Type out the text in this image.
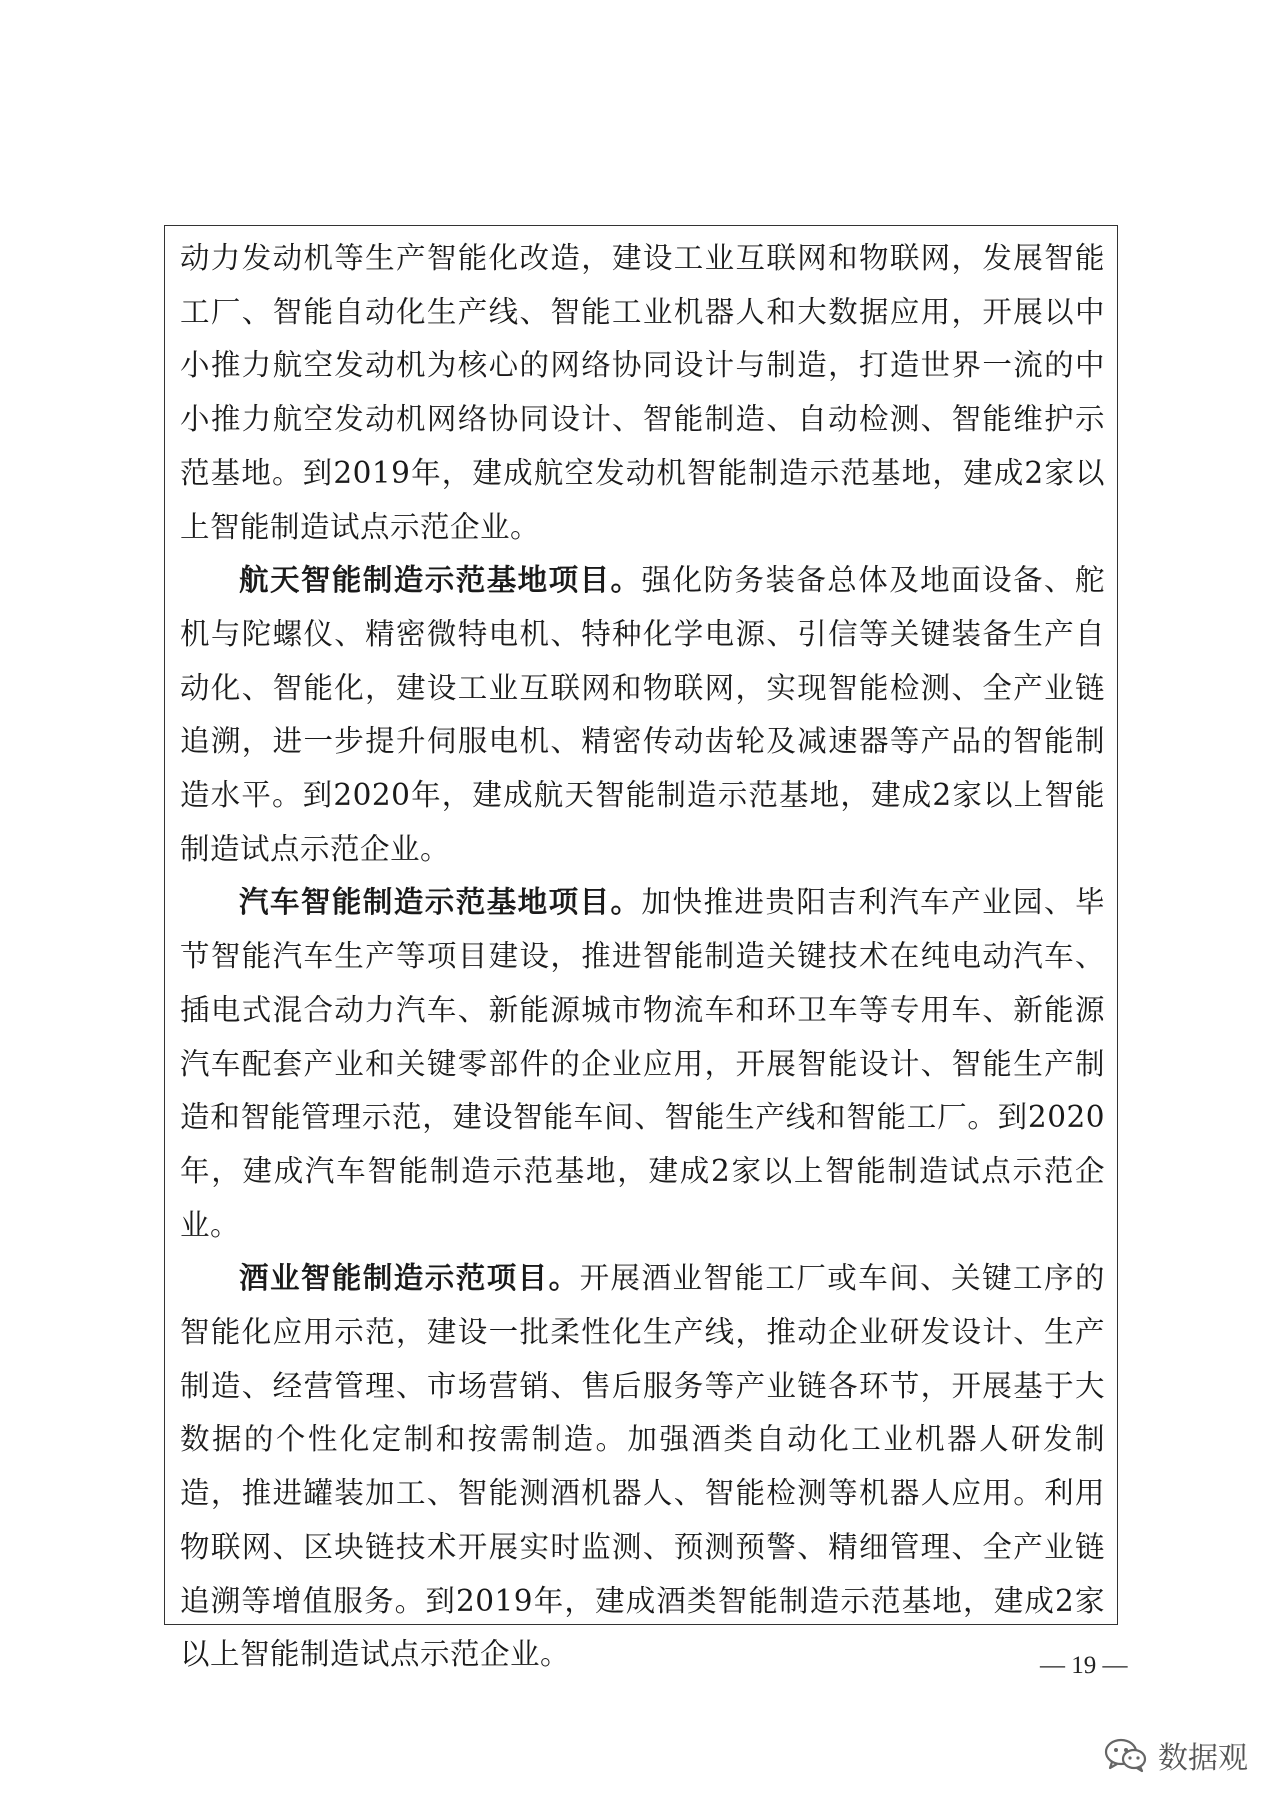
动力发动机等生产智能化改造，建设工业互联网和物联网，发展智能工厂、智能自动化生产线、智能工业机器人和大数据应用，开展以中小推力航空发动机为核心的网络协同设计与制造，打造世界一流的中小推力航空发动机网络协同设计、智能制造、自动检测、智能维护示范基地。到2019年，建成航空发动机智能制造示范基地，建成2家以上智能制造试点示范企业。

航天智能制造示范基地项目。强化防务装备总体及地面设备、舵机与陀螺仪、精密微特电机、特种化学电源、引信等关键装备生产自动化、智能化，建设工业互联网和物联网，实现智能检测、全产业链追溯，进一步提升伺服电机、精密传动齿轮及减速器等产品的智能制造水平。到2020年，建成航天智能制造示范基地，建成2家以上智能制造试点示范企业。

汽车智能制造示范基地项目。加快推进贵阳吉利汽车产业园、毕节智能汽车生产等项目建设，推进智能制造关键技术在纯电动汽车、插电式混合动力汽车、新能源城市物流车和环卫车等专用车、新能源汽车配套产业和关键零部件的企业应用，开展智能设计、智能生产制造和智能管理示范，建设智能车间、智能生产线和智能工厂。到2020年，建成汽车智能制造示范基地，建成2家以上智能制造试点示范企业。

酒业智能制造示范项目。开展酒业智能工厂或车间、关键工序的智能化应用示范，建设一批柔性化生产线，推动企业研发设计、生产制造、经营管理、市场营销、售后服务等产业链各环节，开展基于大数据的个性化定制和按需制造。加强酒类自动化工业机器人研发制造，推进罐装加工、智能测酒机器人、智能检测等机器人应用。利用物联网、区块链技术开展实时监测、预测预警、精细管理、全产业链追溯等增值服务。到2019年，建成酒类智能制造示范基地，建成2家以上智能制造试点示范企业。	— 19 —
数据观
